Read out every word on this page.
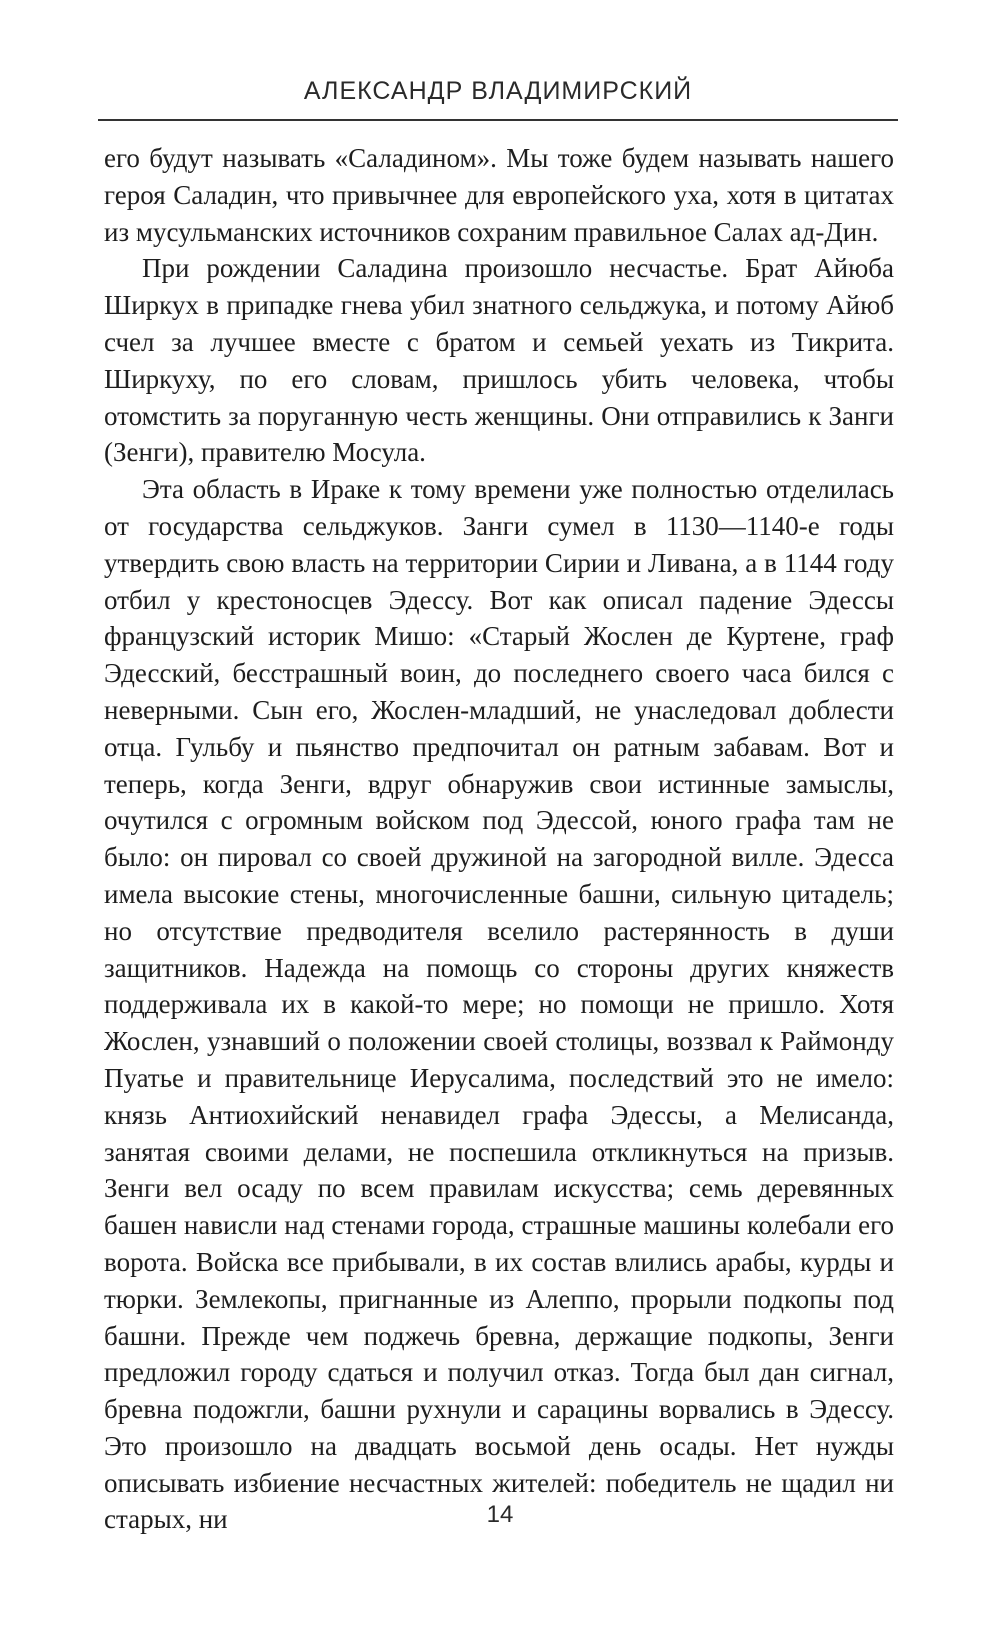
АЛЕКСАНДР ВЛАДИМИРСКИЙ

его будут называть «Саладином». Мы тоже будем называть нашего героя Саладин, что привычнее для европейского уха, хотя в цитатах из мусульманских источников сохраним правильное Салах ад-Дин.

При рождении Саладина произошло несчастье. Брат Айюба Ширкух в припадке гнева убил знатного сельджука, и потому Айюб счел за лучшее вместе с братом и семьей уехать из Тикрита. Ширкуху, по его словам, пришлось убить человека, чтобы отомстить за поруганную честь женщины. Они отправились к Занги (Зенги), правителю Мосула.

Эта область в Ираке к тому времени уже полностью отделилась от государства сельджуков. Занги сумел в 1130—1140-е годы утвердить свою власть на территории Сирии и Ливана, а в 1144 году отбил у крестоносцев Эдессу. Вот как описал падение Эдессы французский историк Мишо: «Старый Жослен де Куртене, граф Эдесский, бесстрашный воин, до последнего своего часа бился с неверными. Сын его, Жослен-младший, не унаследовал доблести отца. Гульбу и пьянство предпочитал он ратным забавам. Вот и теперь, когда Зенги, вдруг обнаружив свои истинные замыслы, очутился с огромным войском под Эдессой, юного графа там не было: он пировал со своей дружиной на загородной вилле. Эдесса имела высокие стены, многочисленные башни, сильную цитадель; но отсутствие предводителя вселило растерянность в души защитников. Надежда на помощь со стороны других княжеств поддерживала их в какой-то мере; но помощи не пришло. Хотя Жослен, узнавший о положении своей столицы, воззвал к Раймонду Пуатье и правительнице Иерусалима, последствий это не имело: князь Антиохийский ненавидел графа Эдессы, а Мелисанда, занятая своими делами, не поспешила откликнуться на призыв. Зенги вел осаду по всем правилам искусства; семь деревянных башен нависли над стенами города, страшные машины колебали его ворота. Войска все прибывали, в их состав влились арабы, курды и тюрки. Землекопы, пригнанные из Алеппо, прорыли подкопы под башни. Прежде чем поджечь бревна, держащие подкопы, Зенги предложил городу сдаться и получил отказ. Тогда был дан сигнал, бревна подожгли, башни рухнули и сарацины ворвались в Эдессу. Это произошло на двадцать восьмой день осады. Нет нужды описывать избиение несчастных жителей: победитель не щадил ни старых, ни	14
